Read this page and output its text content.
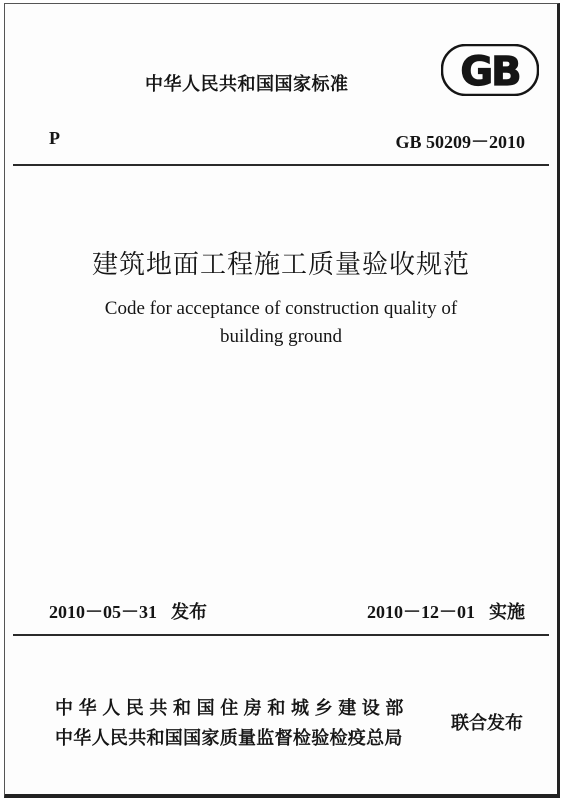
中华人民共和国国家标准	GB
P	GB 50209－2010
建筑地面工程施工质量验收规范
Code for acceptance of construction quality of
building ground
2010－05－31 发布	2010－12－01 实施
中华人民共和国住房和城乡建设部
中华人民共和国国家质量监督检验检疫总局
联合发布
